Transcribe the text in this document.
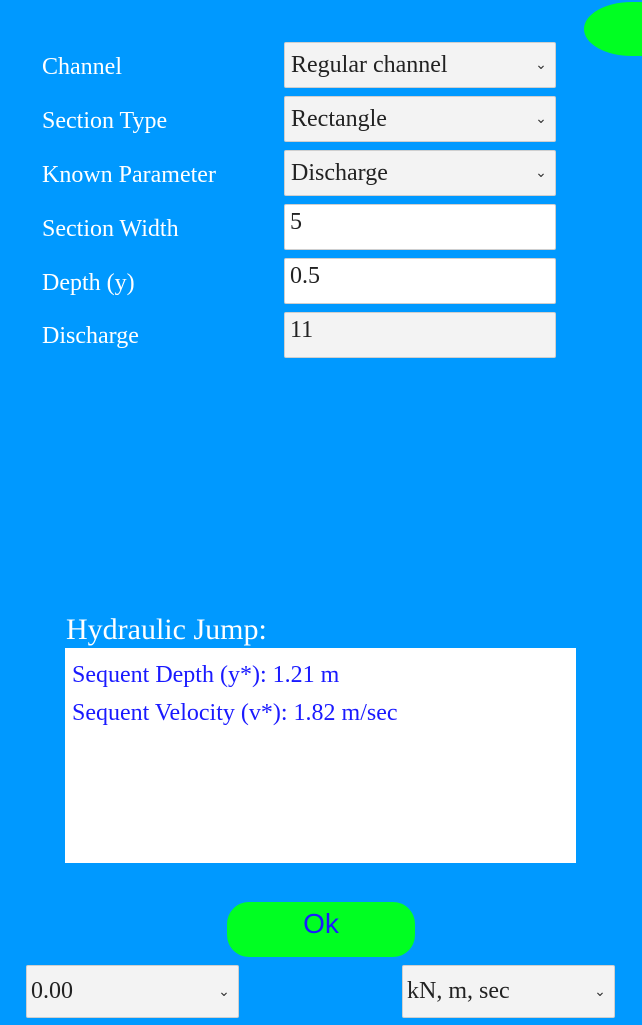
Channel	Regular channel	⌄
Section Type	Rectangle	⌄
Known Parameter	Discharge	⌄
Section Width	5
Depth (y)	0.5
Discharge	11
Hydraulic Jump:
Sequent Depth (y*): 1.21 m
Sequent Velocity (v*): 1.82 m/sec
Ok
0.00	⌄	kN, m, sec	⌄
